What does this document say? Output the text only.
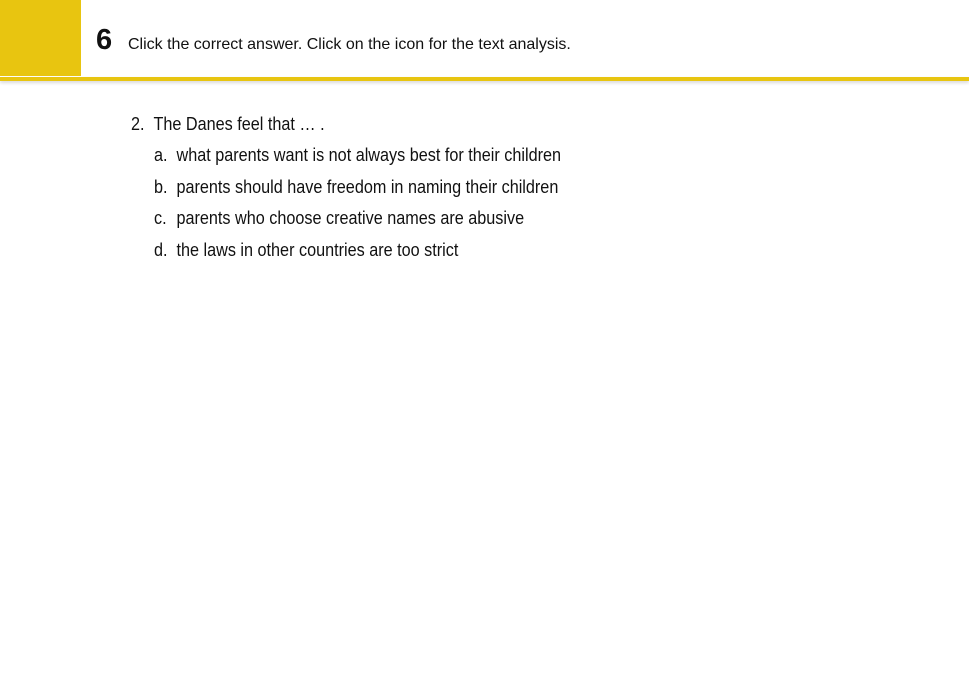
6 Click the correct answer. Click on the icon for the text analysis.
2. The Danes feel that … .
a. what parents want is not always best for their children
b. parents should have freedom in naming their children
c. parents who choose creative names are abusive
d. the laws in other countries are too strict
